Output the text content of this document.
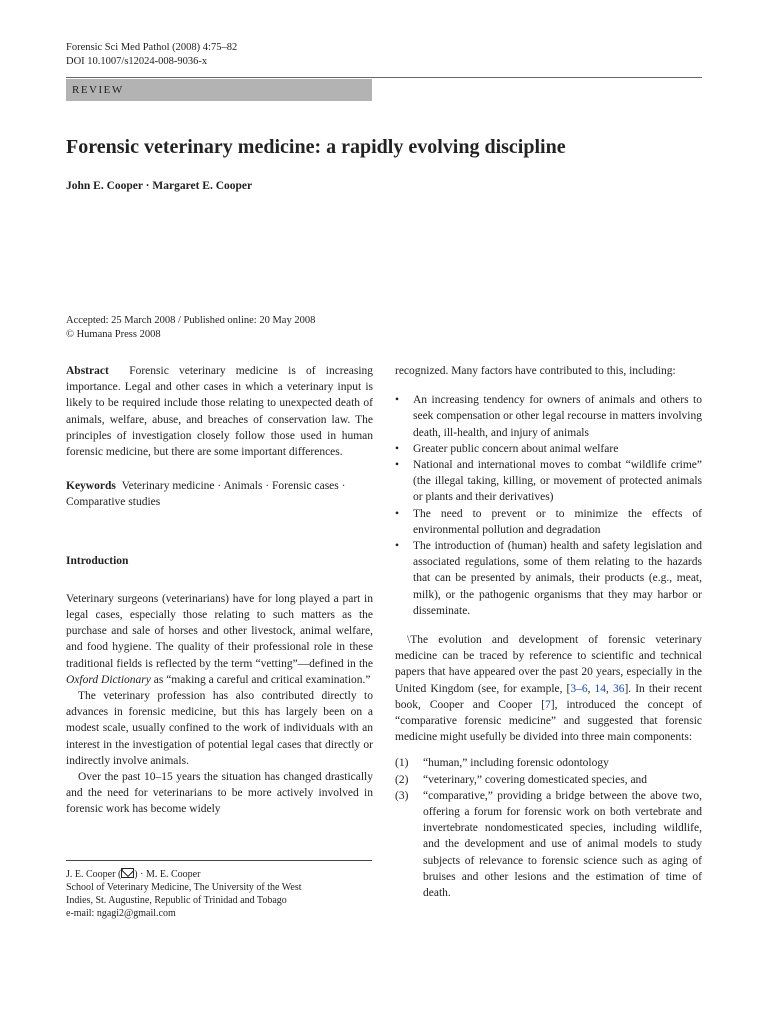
Forensic Sci Med Pathol (2008) 4:75–82
DOI 10.1007/s12024-008-9036-x
REVIEW
Forensic veterinary medicine: a rapidly evolving discipline
John E. Cooper · Margaret E. Cooper
Accepted: 25 March 2008 / Published online: 20 May 2008
© Humana Press 2008

Abstract Forensic veterinary medicine is of increasing importance. Legal and other cases in which a veterinary input is likely to be required include those relating to unexpected death of animals, welfare, abuse, and breaches of conservation law. The principles of investigation closely follow those used in human forensic medicine, but there are some important differences.

Keywords Veterinary medicine · Animals · Forensic cases · Comparative studies

Introduction

Veterinary surgeons (veterinarians) have for long played a part in legal cases, especially those relating to such matters as the purchase and sale of horses and other livestock, animal welfare, and food hygiene. The quality of their professional role in these traditional fields is reflected by the term “vetting”—defined in the Oxford Dictionary as “making a careful and critical examination.”

The veterinary profession has also contributed directly to advances in forensic medicine, but this has largely been on a modest scale, usually confined to the work of individuals with an interest in the investigation of potential legal cases that directly or indirectly involve animals.

Over the past 10–15 years the situation has changed drastically and the need for veterinarians to be more actively involved in forensic work has become widely

J. E. Cooper ( ) · M. E. Cooper
School of Veterinary Medicine, The University of the West
Indies, St. Augustine, Republic of Trinidad and Tobago
e-mail: ngagi2@gmail.com

recognized. Many factors have contributed to this, including:

• An increasing tendency for owners of animals and others to seek compensation or other legal recourse in matters involving death, ill-health, and injury of animals
• Greater public concern about animal welfare
• National and international moves to combat “wildlife crime” (the illegal taking, killing, or movement of protected animals or plants and their derivatives)
• The need to prevent or to minimize the effects of environmental pollution and degradation
• The introduction of (human) health and safety legislation and associated regulations, some of them relating to the hazards that can be presented by animals, their products (e.g., meat, milk), or the pathogenic organisms that they may harbor or disseminate.

\The evolution and development of forensic veterinary medicine can be traced by reference to scientific and technical papers that have appeared over the past 20 years, especially in the United Kingdom (see, for example, [3–6, 14, 36]. In their recent book, Cooper and Cooper [7], introduced the concept of “comparative forensic medicine” and suggested that forensic medicine might usefully be divided into three main components:

(1) “human,” including forensic odontology
(2) “veterinary,” covering domesticated species, and
(3) “comparative,” providing a bridge between the above two, offering a forum for forensic work on both vertebrate and invertebrate nondomesticated species, including wildlife, and the development and use of animal models to study subjects of relevance to forensic science such as aging of bruises and other lesions and the estimation of time of death.
